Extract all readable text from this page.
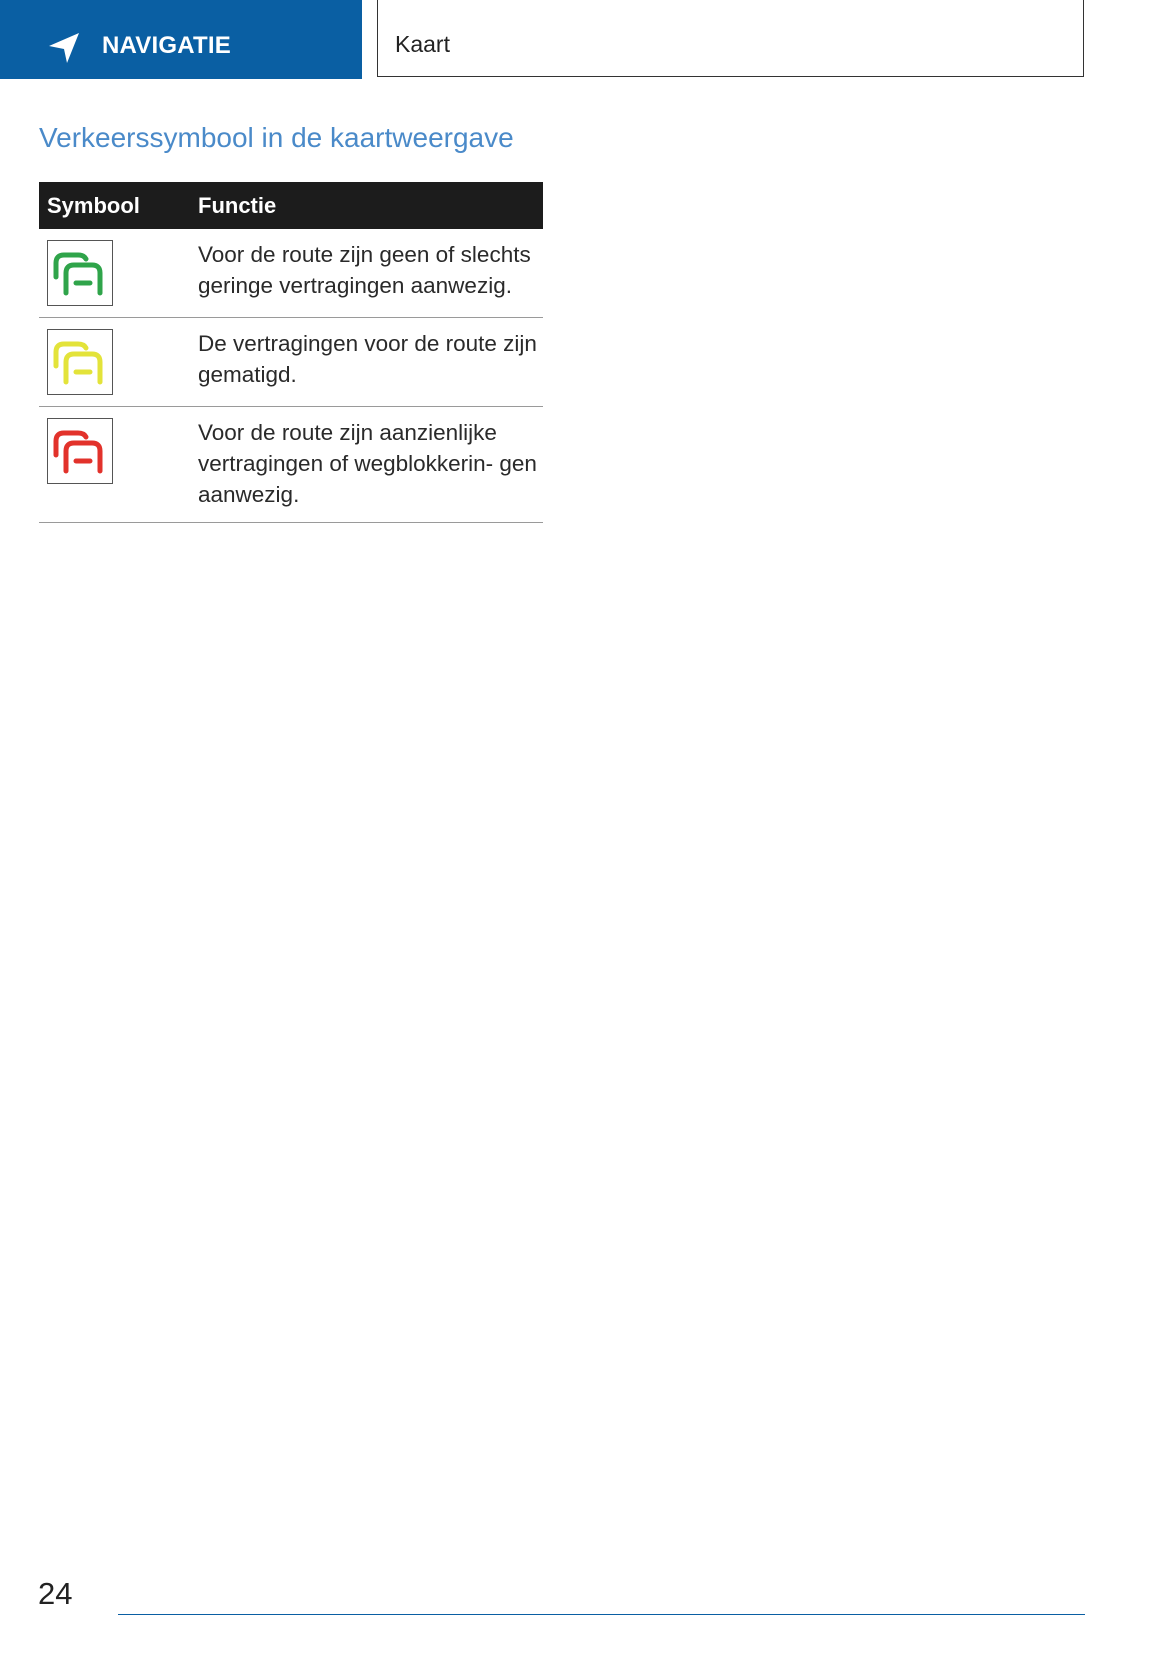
NAVIGATIE	Kaart
Verkeerssymbool in de kaartweergave
Symbool	Functie

	Voor de route zijn geen of slechts geringe vertragingen aanwezig.

	De vertragingen voor de route zijn gematigd.

	Voor de route zijn aanzienlijke vertragingen of wegblokkerin- gen aanwezig.
24
